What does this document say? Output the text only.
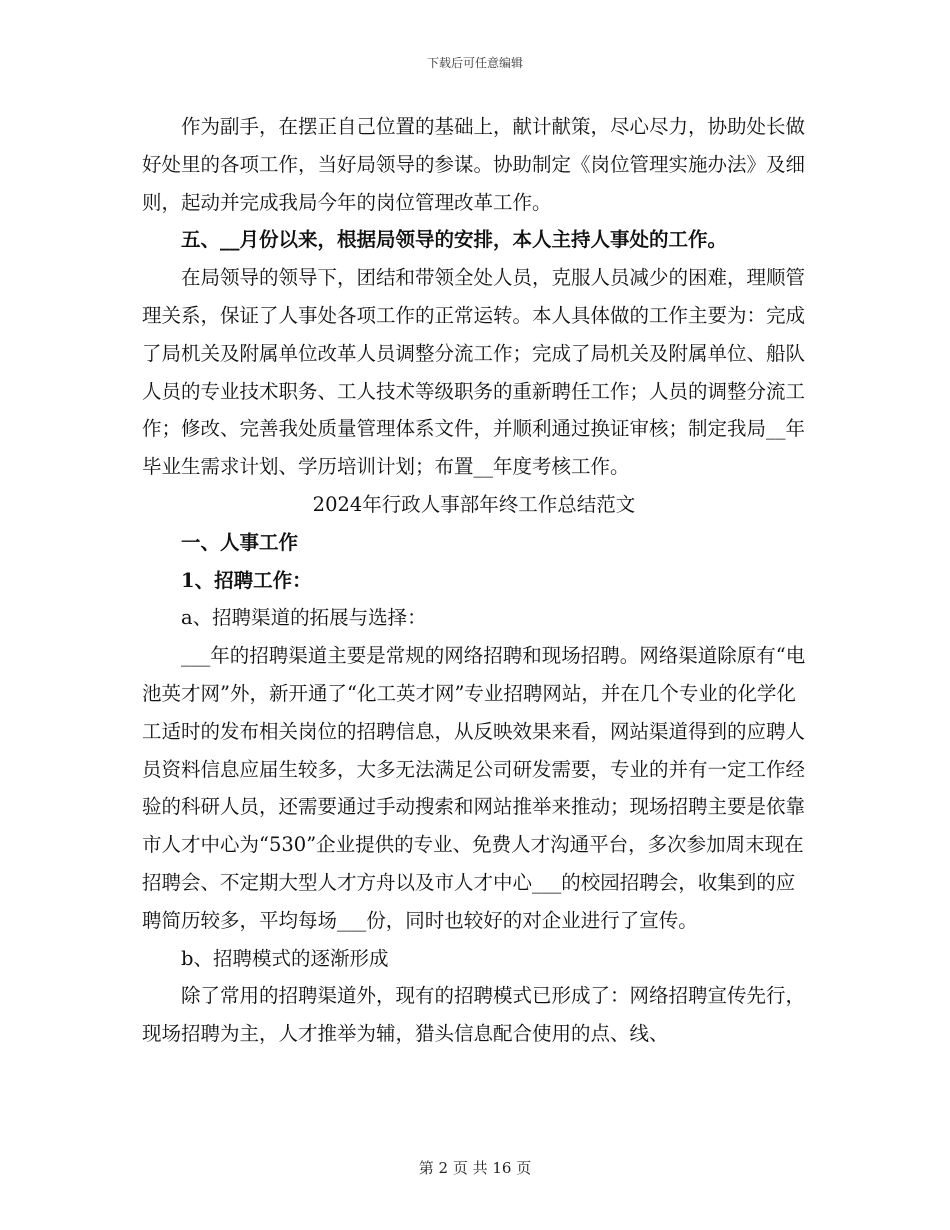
下载后可任意编辑

作为副手，在摆正自己位置的基础上，献计献策，尽心尽力，协助处长做好处里的各项工作，当好局领导的参谋。协助制定《岗位管理实施办法》及细则，起动并完成我局今年的岗位管理改革工作。

五、__月份以来，根据局领导的安排，本人主持人事处的工作。

在局领导的领导下，团结和带领全处人员，克服人员减少的困难，理顺管理关系，保证了人事处各项工作的正常运转。本人具体做的工作主要为：完成了局机关及附属单位改革人员调整分流工作；完成了局机关及附属单位、船队人员的专业技术职务、工人技术等级职务的重新聘任工作；人员的调整分流工作；修改、完善我处质量管理体系文件，并顺利通过换证审核；制定我局__年毕业生需求计划、学历培训计划；布置__年度考核工作。

2024年行政人事部年终工作总结范文

一、人事工作

1、招聘工作：

a、招聘渠道的拓展与选择：

___年的招聘渠道主要是常规的网络招聘和现场招聘。网络渠道除原有“电池英才网”外，新开通了“化工英才网”专业招聘网站，并在几个专业的化学化工适时的发布相关岗位的招聘信息，从反映效果来看，网站渠道得到的应聘人员资料信息应届生较多，大多无法满足公司研发需要，专业的并有一定工作经验的科研人员，还需要通过手动搜索和网站推举来推动；现场招聘主要是依靠市人才中心为“530”企业提供的专业、免费人才沟通平台，多次参加周末现在招聘会、不定期大型人才方舟以及市人才中心___的校园招聘会，收集到的应聘简历较多，平均每场___份，同时也较好的对企业进行了宣传。

b、招聘模式的逐渐形成

除了常用的招聘渠道外，现有的招聘模式已形成了：网络招聘宣传先行，现场招聘为主，人才推举为辅，猎头信息配合使用的点、线、

第 2 页 共 16 页
